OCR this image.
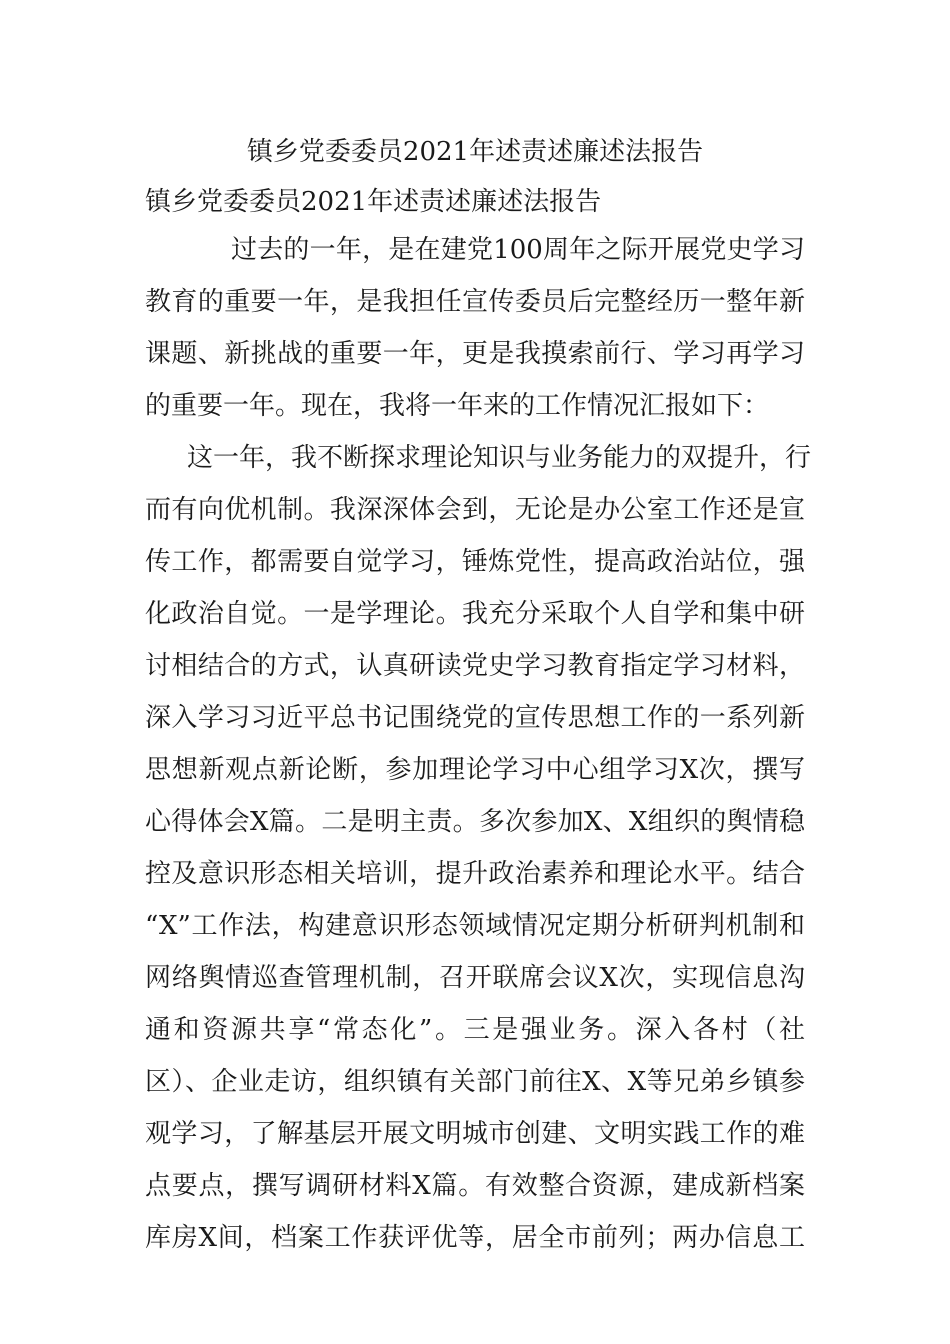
镇乡党委委员2021年述责述廉述法报告

镇乡党委委员2021年述责述廉述法报告

过去的一年，是在建党100周年之际开展党史学习
教育的重要一年，是我担任宣传委员后完整经历一整年新
课题、新挑战的重要一年，更是我摸索前行、学习再学习
的重要一年。现在，我将一年来的工作情况汇报如下：
这一年，我不断探求理论知识与业务能力的双提升，行
而有向优机制。我深深体会到，无论是办公室工作还是宣
传工作，都需要自觉学习，锤炼党性，提高政治站位，强
化政治自觉。一是学理论。我充分采取个人自学和集中研
讨相结合的方式，认真研读党史学习教育指定学习材料，
深入学习习近平总书记围绕党的宣传思想工作的一系列新
思想新观点新论断，参加理论学习中心组学习X次，撰写
心得体会X篇。二是明主责。多次参加X、X组织的舆情稳
控及意识形态相关培训，提升政治素养和理论水平。结合
“X”工作法，构建意识形态领域情况定期分析研判机制和
网络舆情巡查管理机制，召开联席会议X次，实现信息沟
通和资源共享“常态化”。三是强业务。深入各村（社
区）、企业走访，组织镇有关部门前往X、X等兄弟乡镇参
观学习，了解基层开展文明城市创建、文明实践工作的难
点要点，撰写调研材料X篇。有效整合资源，建成新档案
库房X间，档案工作获评优等，居全市前列；两办信息工
